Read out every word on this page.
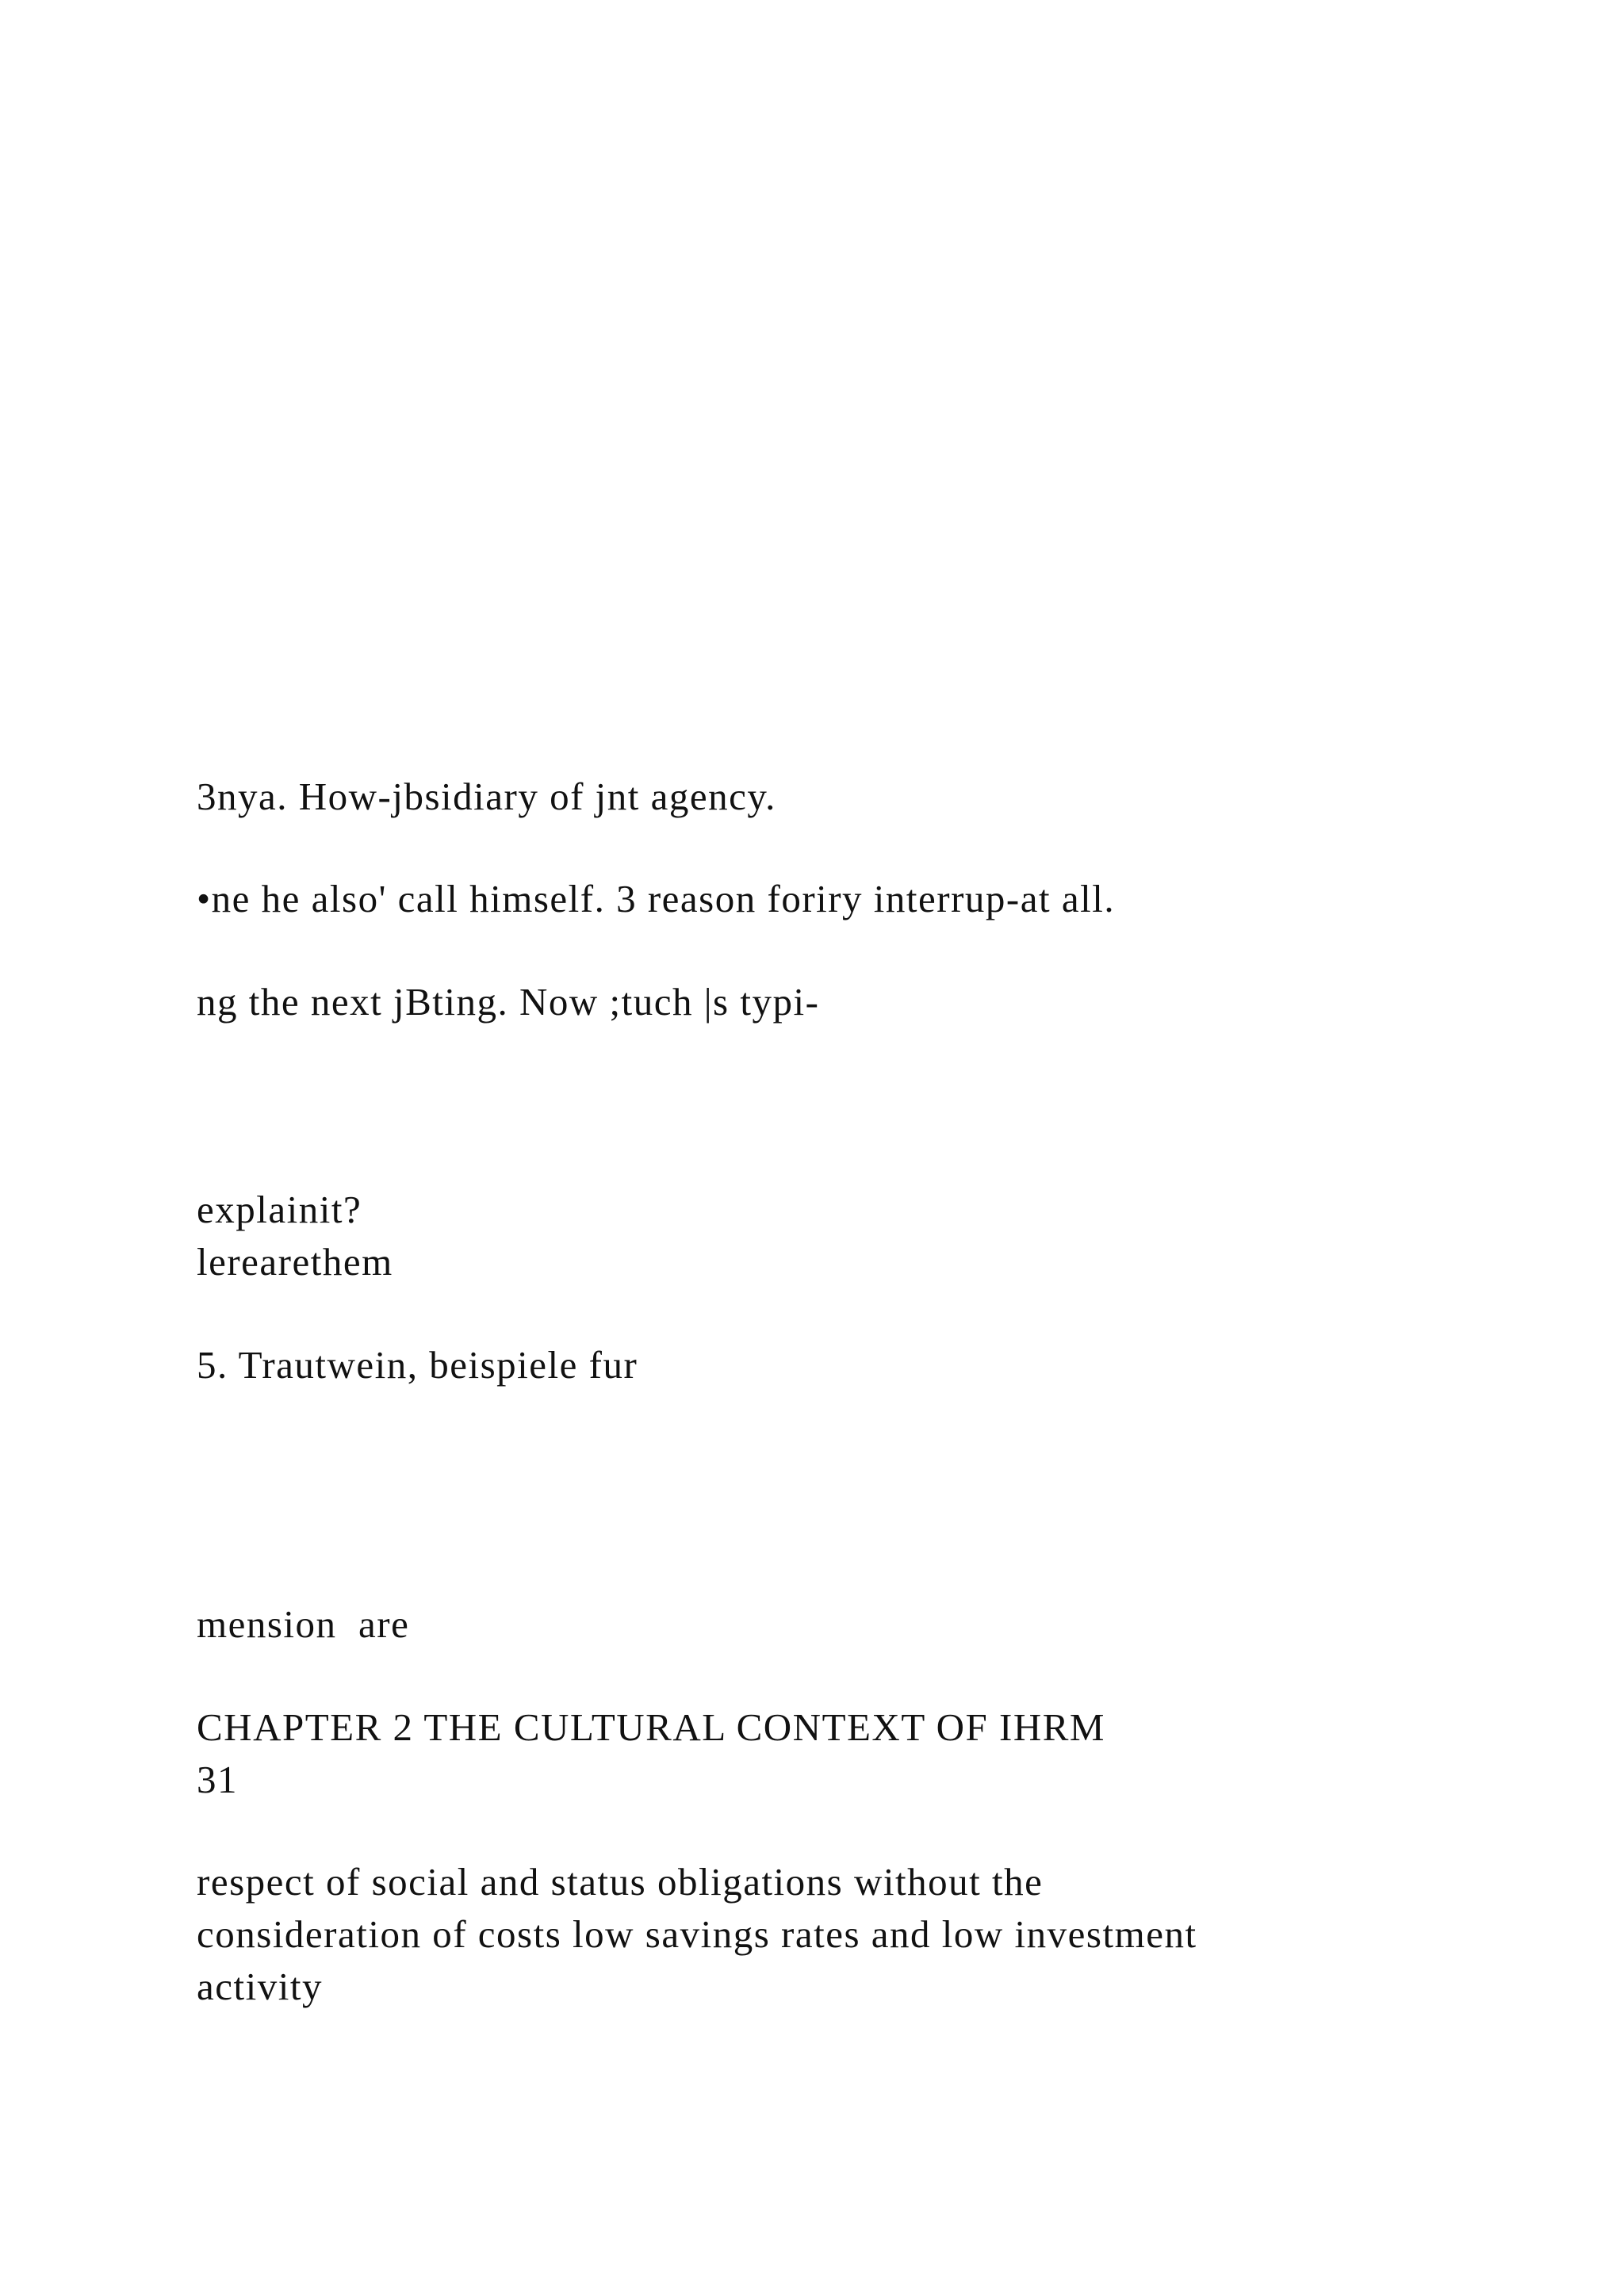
3nya. How-jbsidiary of jnt agency.

•ne he also' call himself. 3 reason foriry interrup-at all.

ng the next jBting. Now ;tuch |s typi-

explainit?

lerearethem

5. Trautwein, beispiele fur

mension  are

CHAPTER 2 THE CULTURAL CONTEXT OF IHRM

31

respect of social and status obligations without the

consideration of costs low savings rates and low investment

activity
